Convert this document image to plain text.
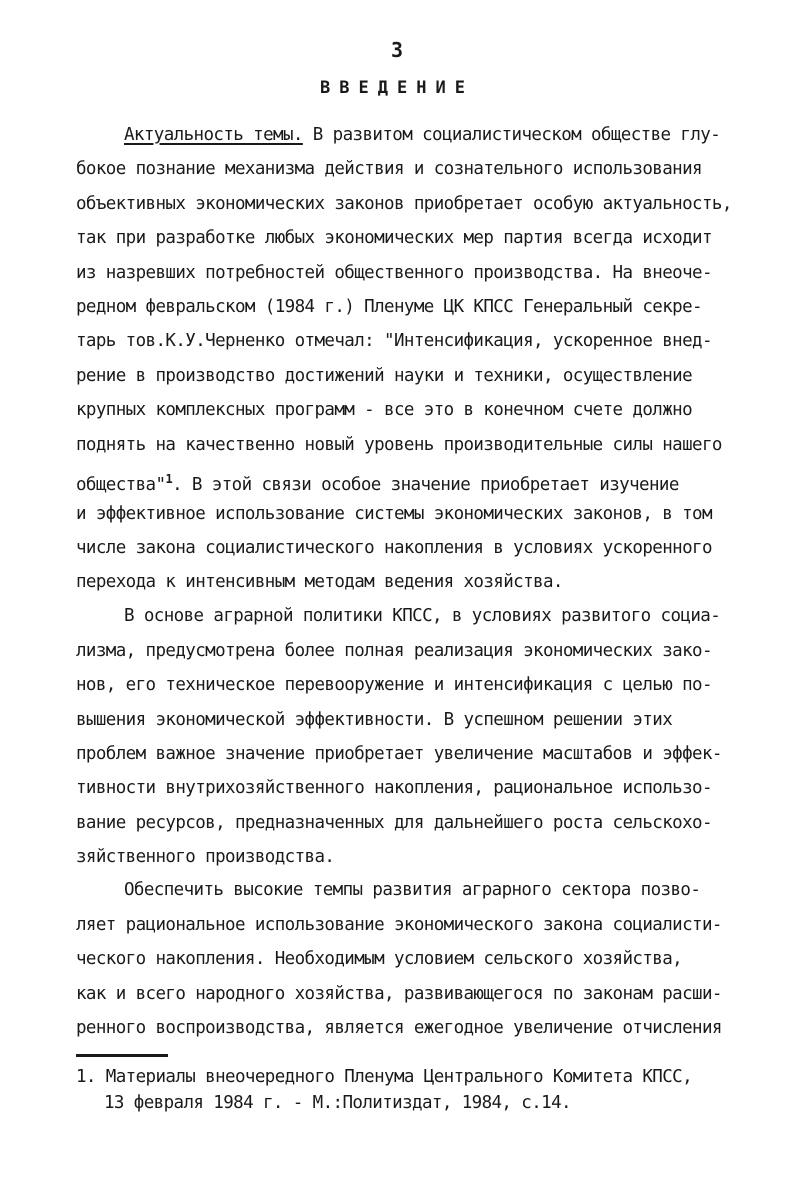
3
ВВЕДЕНИЕ
Актуальность темы. В развитом социалистическом обществе глу-
бокое познание механизма действия и сознательного использования
объективных экономических законов приобретает особую актуальность,
так при разработке любых экономических мер партия всегда исходит
из назревших потребностей общественного производства. На внеоче-
редном февральском (1984 г.) Пленуме ЦК КПСС Генеральный секре-
тарь тов.К.У.Черненко отмечал: "Интенсификация, ускоренное внед-
рение в производство достижений науки и техники, осуществление
крупных комплексных программ - все это в конечном счете должно
поднять на качественно новый уровень производительные силы нашего
общества"$^1$. В этой связи особое значение приобретает изучение
и эффективное использование системы экономических законов, в том
числе закона социалистического накопления в условиях ускоренного
перехода к интенсивным методам ведения хозяйства.
В основе аграрной политики КПСС, в условиях развитого социа-
лизма, предусмотрена более полная реализация экономических зако-
нов, его техническое перевооружение и интенсификация с целью по-
вышения экономической эффективности. В успешном решении этих
проблем важное значение приобретает увеличение масштабов и эффек-
тивности внутрихозяйственного накопления, рациональное использо-
вание ресурсов, предназначенных для дальнейшего роста сельскохо-
зяйственного производства.
Обеспечить высокие темпы развития аграрного сектора позво-
ляет рациональное использование экономического закона социалисти-
ческого накопления. Необходимым условием сельского хозяйства,
как и всего народного хозяйства, развивающегося по законам расши-
ренного воспроизводства, является ежегодное увеличение отчисления
1. Материалы внеочередного Пленума Центрального Комитета КПСС,
13 февраля 1984 г. - М.:Политиздат, 1984, с.14.
